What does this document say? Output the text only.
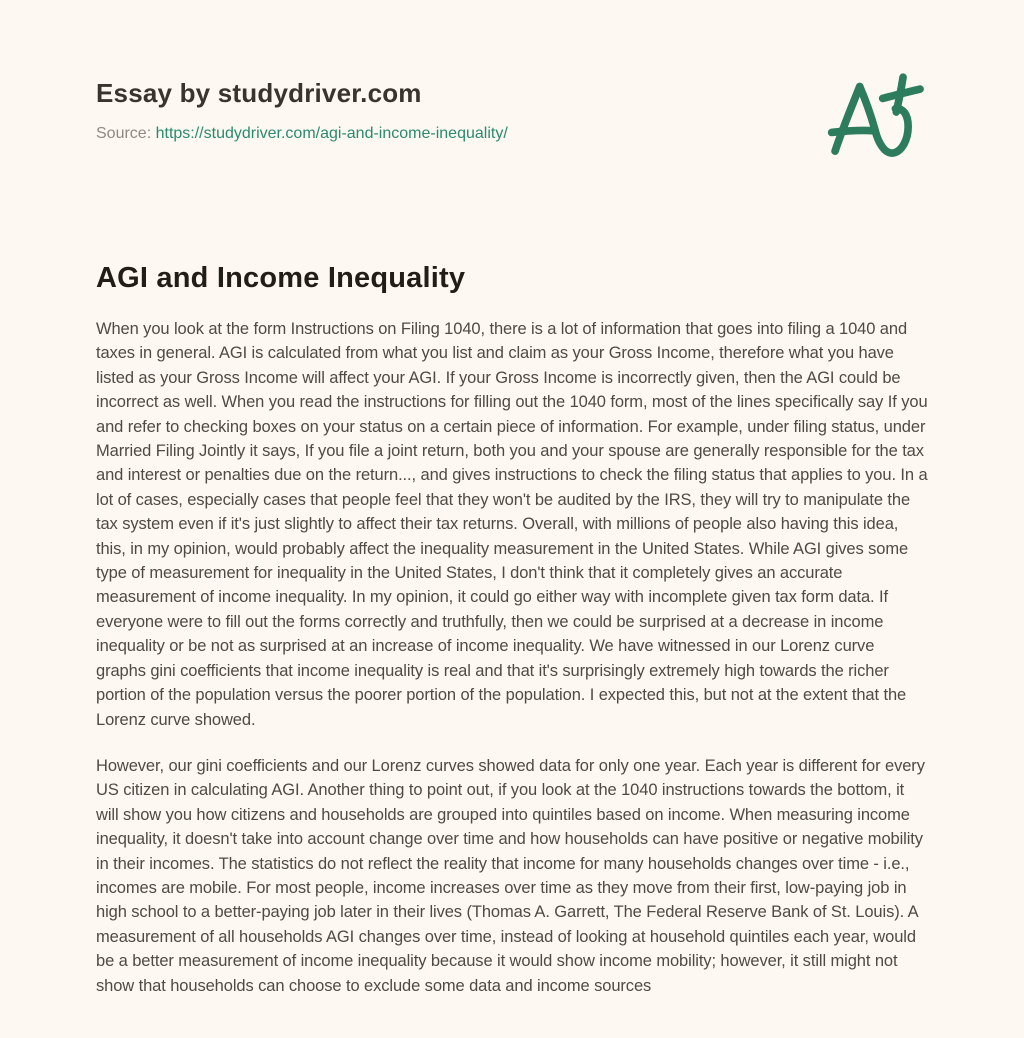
Essay by studydriver.com
Source: https://studydriver.com/agi-and-income-inequality/
AGI and Income Inequality

When you look at the form Instructions on Filing 1040, there is a lot of information that goes into filing a 1040 and taxes in general. AGI is calculated from what you list and claim as your Gross Income, therefore what you have listed as your Gross Income will affect your AGI. If your Gross Income is incorrectly given, then the AGI could be incorrect as well. When you read the instructions for filling out the 1040 form, most of the lines specifically say If you and refer to checking boxes on your status on a certain piece of information. For example, under filing status, under Married Filing Jointly it says, If you file a joint return, both you and your spouse are generally responsible for the tax and interest or penalties due on the return..., and gives instructions to check the filing status that applies to you. In a lot of cases, especially cases that people feel that they won't be audited by the IRS, they will try to manipulate the tax system even if it's just slightly to affect their tax returns. Overall, with millions of people also having this idea, this, in my opinion, would probably affect the inequality measurement in the United States. While AGI gives some type of measurement for inequality in the United States, I don't think that it completely gives an accurate measurement of income inequality. In my opinion, it could go either way with incomplete given tax form data. If everyone were to fill out the forms correctly and truthfully, then we could be surprised at a decrease in income inequality or be not as surprised at an increase of income inequality. We have witnessed in our Lorenz curve graphs gini coefficients that income inequality is real and that it's surprisingly extremely high towards the richer portion of the population versus the poorer portion of the population. I expected this, but not at the extent that the Lorenz curve showed.

However, our gini coefficients and our Lorenz curves showed data for only one year. Each year is different for every US citizen in calculating AGI. Another thing to point out, if you look at the 1040 instructions towards the bottom, it will show you how citizens and households are grouped into quintiles based on income. When measuring income inequality, it doesn't take into account change over time and how households can have positive or negative mobility in their incomes. The statistics do not reflect the reality that income for many households changes over time - i.e., incomes are mobile. For most people, income increases over time as they move from their first, low-paying job in high school to a better-paying job later in their lives (Thomas A. Garrett, The Federal Reserve Bank of St. Louis). A measurement of all households AGI changes over time, instead of looking at household quintiles each year, would be a better measurement of income inequality because it would show income mobility; however, it still might not show that households can choose to exclude some data and income sources
